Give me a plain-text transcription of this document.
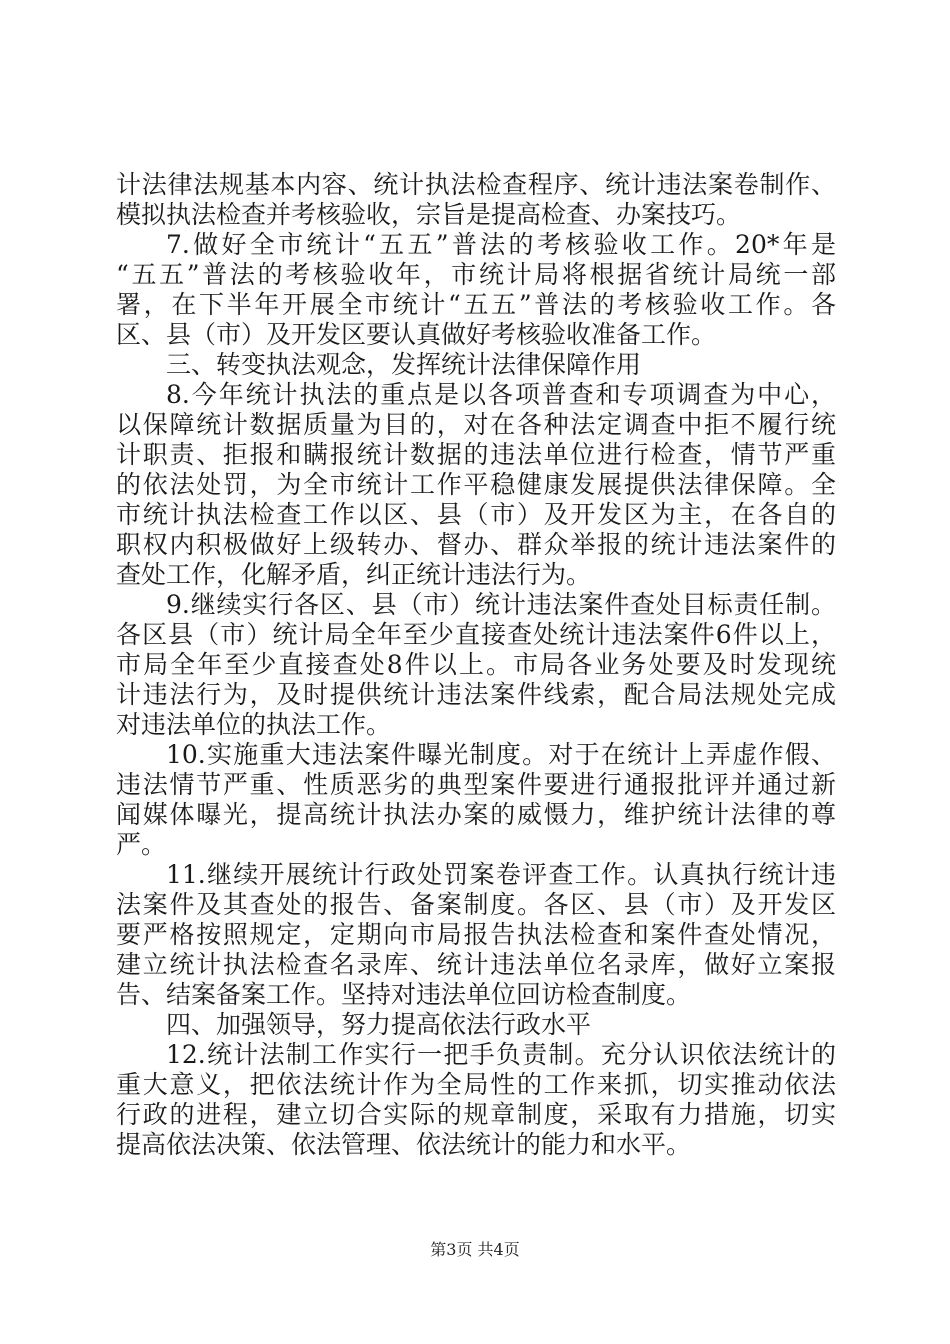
计法律法规基本内容、统计执法检查程序、统计违法案卷制作、
模拟执法检查并考核验收，宗旨是提高检查、办案技巧。
7.做好全市统计“五五”普法的考核验收工作。20*年是
“五五”普法的考核验收年，市统计局将根据省统计局统一部
署，在下半年开展全市统计“五五”普法的考核验收工作。各
区、县（市）及开发区要认真做好考核验收准备工作。
三、转变执法观念，发挥统计法律保障作用
8.今年统计执法的重点是以各项普查和专项调查为中心，
以保障统计数据质量为目的，对在各种法定调查中拒不履行统
计职责、拒报和瞒报统计数据的违法单位进行检查，情节严重
的依法处罚，为全市统计工作平稳健康发展提供法律保障。全
市统计执法检查工作以区、县（市）及开发区为主，在各自的
职权内积极做好上级转办、督办、群众举报的统计违法案件的
查处工作，化解矛盾，纠正统计违法行为。
9.继续实行各区、县（市）统计违法案件查处目标责任制。
各区县（市）统计局全年至少直接查处统计违法案件6件以上，
市局全年至少直接查处8件以上。市局各业务处要及时发现统
计违法行为，及时提供统计违法案件线索，配合局法规处完成
对违法单位的执法工作。
10.实施重大违法案件曝光制度。对于在统计上弄虚作假、
违法情节严重、性质恶劣的典型案件要进行通报批评并通过新
闻媒体曝光，提高统计执法办案的威慑力，维护统计法律的尊
严。
11.继续开展统计行政处罚案卷评查工作。认真执行统计违
法案件及其查处的报告、备案制度。各区、县（市）及开发区
要严格按照规定，定期向市局报告执法检查和案件查处情况，
建立统计执法检查名录库、统计违法单位名录库，做好立案报
告、结案备案工作。坚持对违法单位回访检查制度。
四、加强领导，努力提高依法行政水平
12.统计法制工作实行一把手负责制。充分认识依法统计的
重大意义，把依法统计作为全局性的工作来抓，切实推动依法
行政的进程，建立切合实际的规章制度，采取有力措施，切实
提高依法决策、依法管理、依法统计的能力和水平。
第3页 共4页
